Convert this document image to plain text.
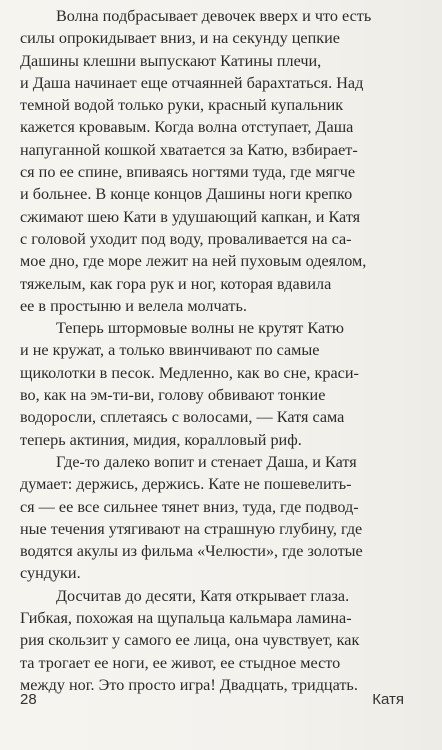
Волна подбрасывает девочек вверх и что есть
силы опрокидывает вниз, и на секунду цепкие
Дашины клешни выпускают Катины плечи,
и Даша начинает еще отчаянней барахтаться. Над
темной водой только руки, красный купальник
кажется кровавым. Когда волна отступает, Даша
напуганной кошкой хватается за Катю, взбирает-
ся по ее спине, впиваясь ногтями туда, где мягче
и больнее. В конце концов Дашины ноги крепко
сжимают шею Кати в удушающий капкан, и Катя
с головой уходит под воду, проваливается на са-
мое дно, где море лежит на ней пуховым одеялом,
тяжелым, как гора рук и ног, которая вдавила
ее в простыню и велела молчать.
Теперь штормовые волны не крутят Катю
и не кружат, а только ввинчивают по самые
щиколотки в песок. Медленно, как во сне, краси-
во, как на эм-ти-ви, голову обвивают тонкие
водоросли, сплетаясь с волосами, — Катя сама
теперь актиния, мидия, коралловый риф.
Где-то далеко вопит и стенает Даша, и Катя
думает: держись, держись. Кате не пошевелить-
ся — ее все сильнее тянет вниз, туда, где подвод-
ные течения утягивают на страшную глубину, где
водятся акулы из фильма «Челюсти», где золотые
сундуки.
Досчитав до десяти, Катя открывает глаза.
Гибкая, похожая на щупальца кальмара ламина-
рия скользит у самого ее лица, она чувствует, как
та трогает ее ноги, ее живот, ее стыдное место
между ног. Это просто игра! Двадцать, тридцать.
28	Катя
